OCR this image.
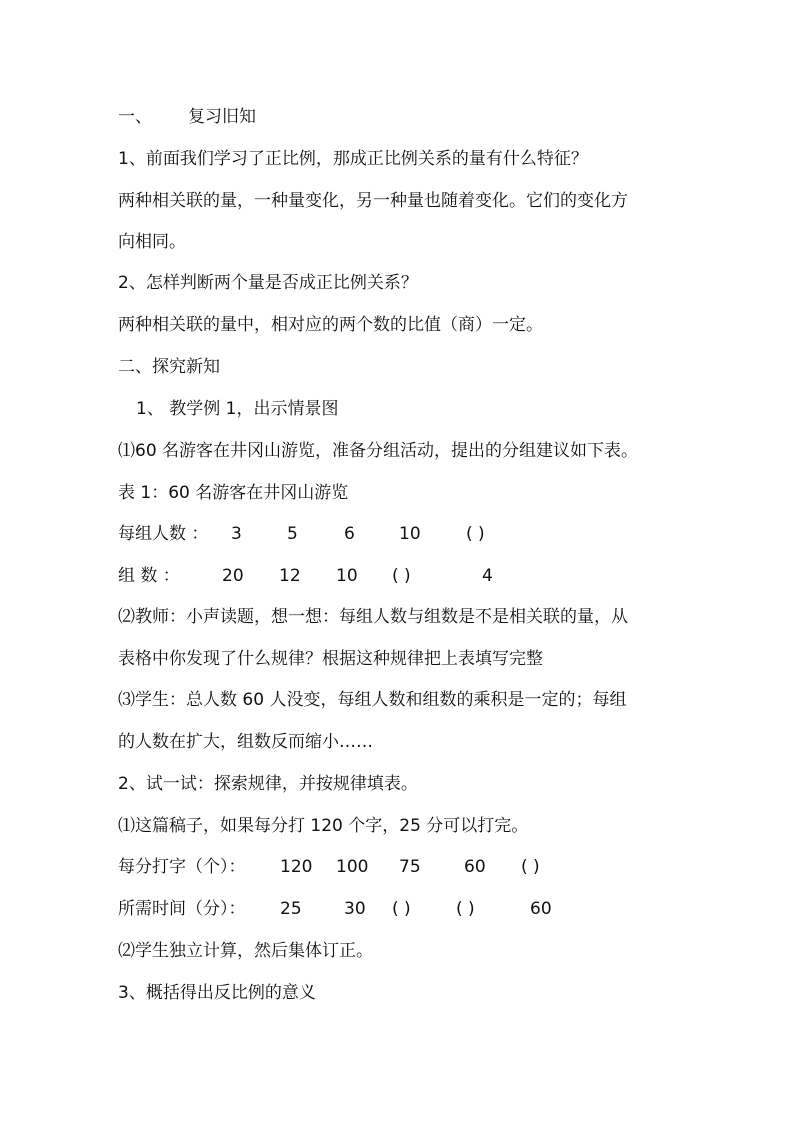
一、 复习旧知
1、前面我们学习了正比例，那成正比例关系的量有什么特征？
两种相关联的量，一种量变化，另一种量也随着变化。它们的变化方
向相同。
2、怎样判断两个量是否成正比例关系？
两种相关联的量中，相对应的两个数的比值（商）一定。
二、探究新知
1、 教学例 1，出示情景图
⑴60 名游客在井冈山游览，准备分组活动，提出的分组建议如下表。
表 1：60 名游客在井冈山游览
每组人数 ： 3	5	6	10	( )
组 数 ： 20 12 10 ( )	4
⑵教师：小声读题，想一想：每组人数与组数是不是相关联的量，从
表格中你发现了什么规律？根据这种规律把上表填写完整
⑶学生：总人数 60 人没变，每组人数和组数的乘积是一定的；每组
的人数在扩大，组数反而缩小……
2、试一试：探索规律，并按规律填表。
⑴这篇稿子，如果每分打 120 个字，25 分可以打完。
每分打字（个）： 120 100 75	60 ( )
所需时间（分）： 25 30 ( )	( )	60
⑵学生独立计算，然后集体订正。
3、概括得出反比例的意义
